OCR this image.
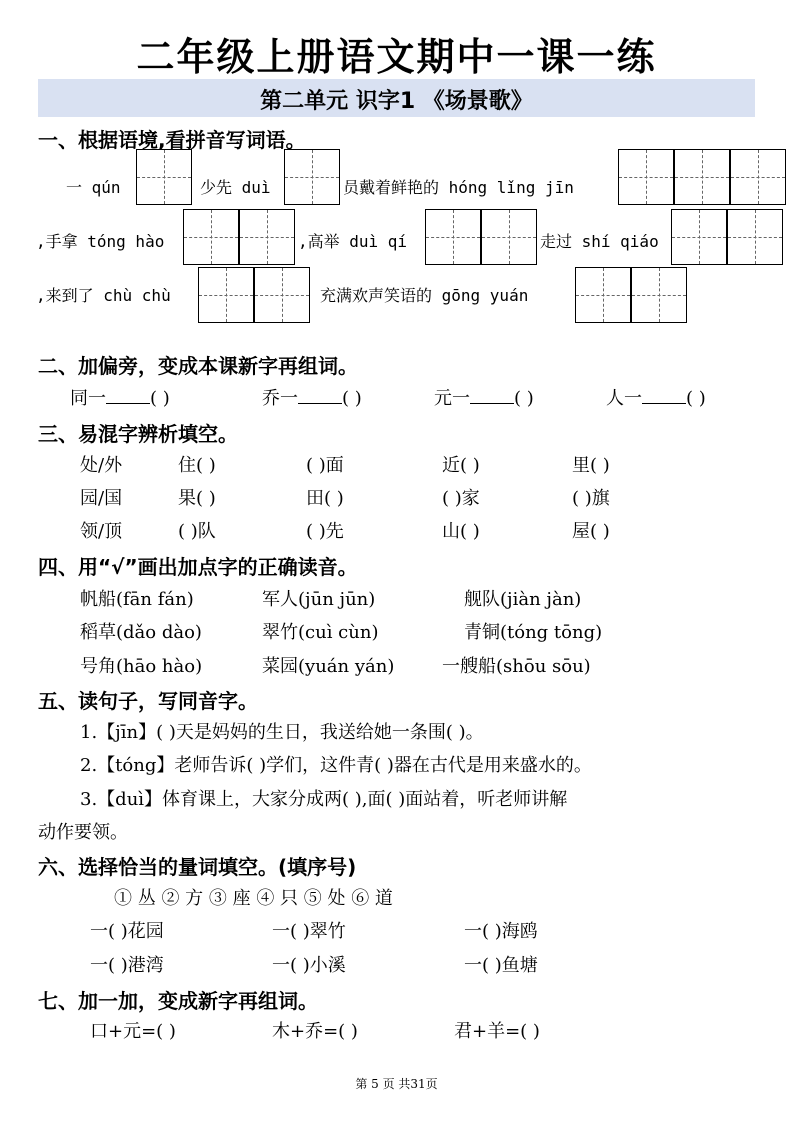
二年级上册语文期中一课一练
第二单元 识字1 《场景歌》
一、根据语境,看拼音写词语。
一 qún	少先 duì	员戴着鲜艳的 hóng lǐng jīn
,手拿 tóng hào	,高举 duì qí	走过 shí qiáo
,来到了 chù chù	充满欢声笑语的 gōng yuán
二、加偏旁，变成本课新字再组词。
同一 ( )	乔一 ( )	元一 ( )	人一 ( )
三、易混字辨析填空。
处/外	住( )	( )面	近( )	里( )
园/国	果( )	田( )	( )家	( )旗
领/顶	( )队	( )先	山( )	屋( )
四、用“√”画出加点字的正确读音。
帆船(fān fán)	军人(jūn jūn)	舰队(jiàn jàn)
稻草(dǎo dào)	翠竹(cuì cùn)	青铜(tóng tōng)
号角(hāo hào)	菜园(yuán yán)	一艘船(shōu sōu)
五、读句子，写同音字。
1.【jīn】( )天是妈妈的生日，我送给她一条围( )。
2.【tóng】老师告诉( )学们，这件青( )器在古代是用来盛水的。
3.【duì】体育课上，大家分成两( ),面( )面站着，听老师讲解
动作要领。
六、选择恰当的量词填空。(填序号)
① 丛 ② 方 ③ 座 ④ 只 ⑤ 处 ⑥ 道
一( )花园	一( )翠竹	一( )海鸥
一( )港湾	一( )小溪	一( )鱼塘
七、加一加，变成新字再组词。
口+元=( )	木+乔=( )	君+羊=( )
第 5 页 共31页
